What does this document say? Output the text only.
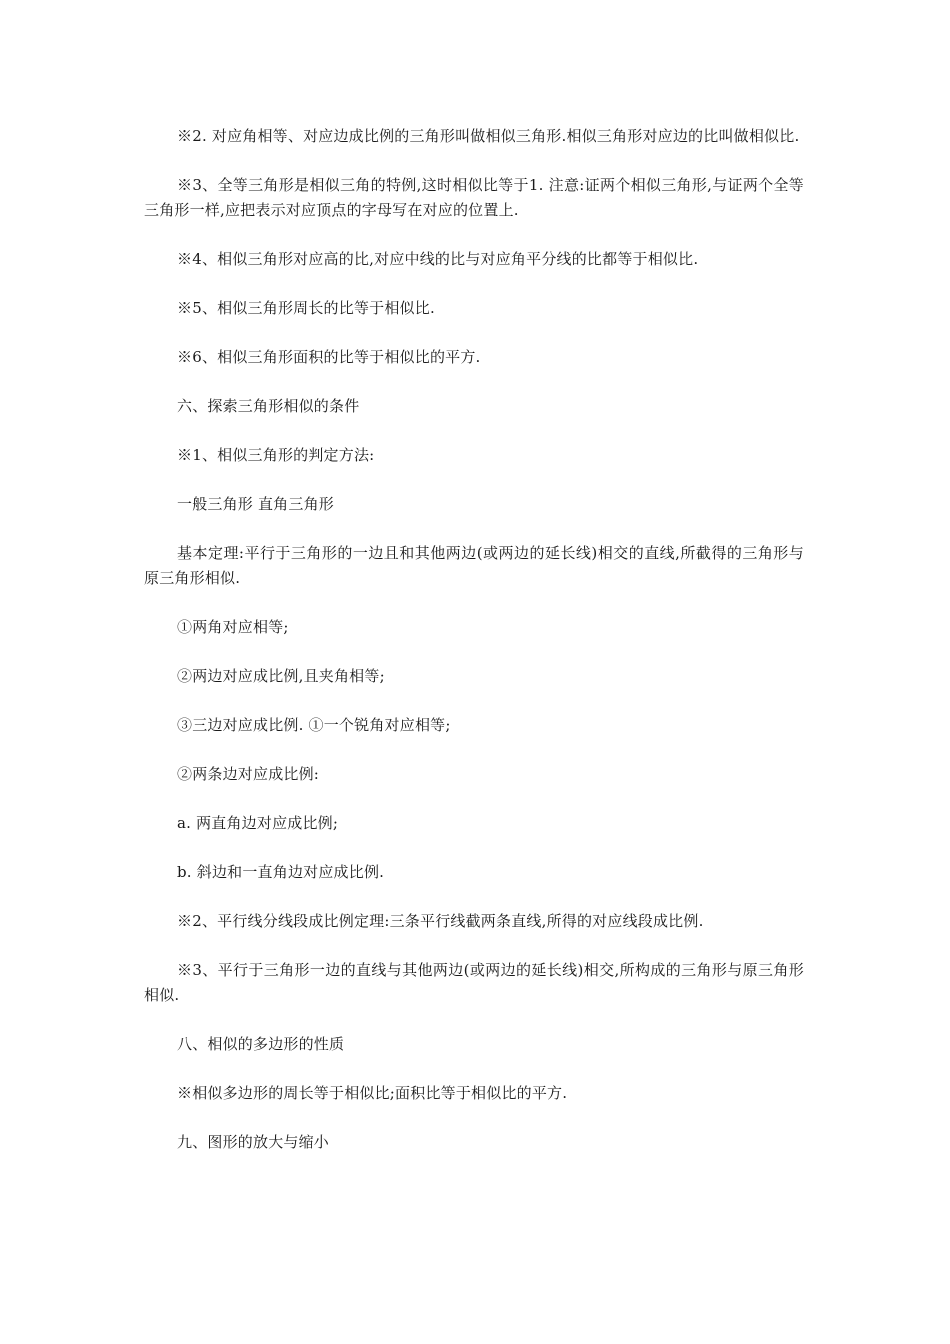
※2. 对应角相等、对应边成比例的三角形叫做相似三角形.相似三角形对应边的比叫做相似比.

※3、全等三角形是相似三角的特例,这时相似比等于1. 注意:证两个相似三角形,与证两个全等三角形一样,应把表示对应顶点的字母写在对应的位置上.

※4、相似三角形对应高的比,对应中线的比与对应角平分线的比都等于相似比.

※5、相似三角形周长的比等于相似比.

※6、相似三角形面积的比等于相似比的平方.

六、探索三角形相似的条件

※1、相似三角形的判定方法:

一般三角形 直角三角形

基本定理:平行于三角形的一边且和其他两边(或两边的延长线)相交的直线,所截得的三角形与原三角形相似.

①两角对应相等;

②两边对应成比例,且夹角相等;

③三边对应成比例. ①一个锐角对应相等;

②两条边对应成比例:

a. 两直角边对应成比例;

b. 斜边和一直角边对应成比例.

※2、平行线分线段成比例定理:三条平行线截两条直线,所得的对应线段成比例.

※3、平行于三角形一边的直线与其他两边(或两边的延长线)相交,所构成的三角形与原三角形相似.

八、相似的多边形的性质

※相似多边形的周长等于相似比;面积比等于相似比的平方.

九、图形的放大与缩小
